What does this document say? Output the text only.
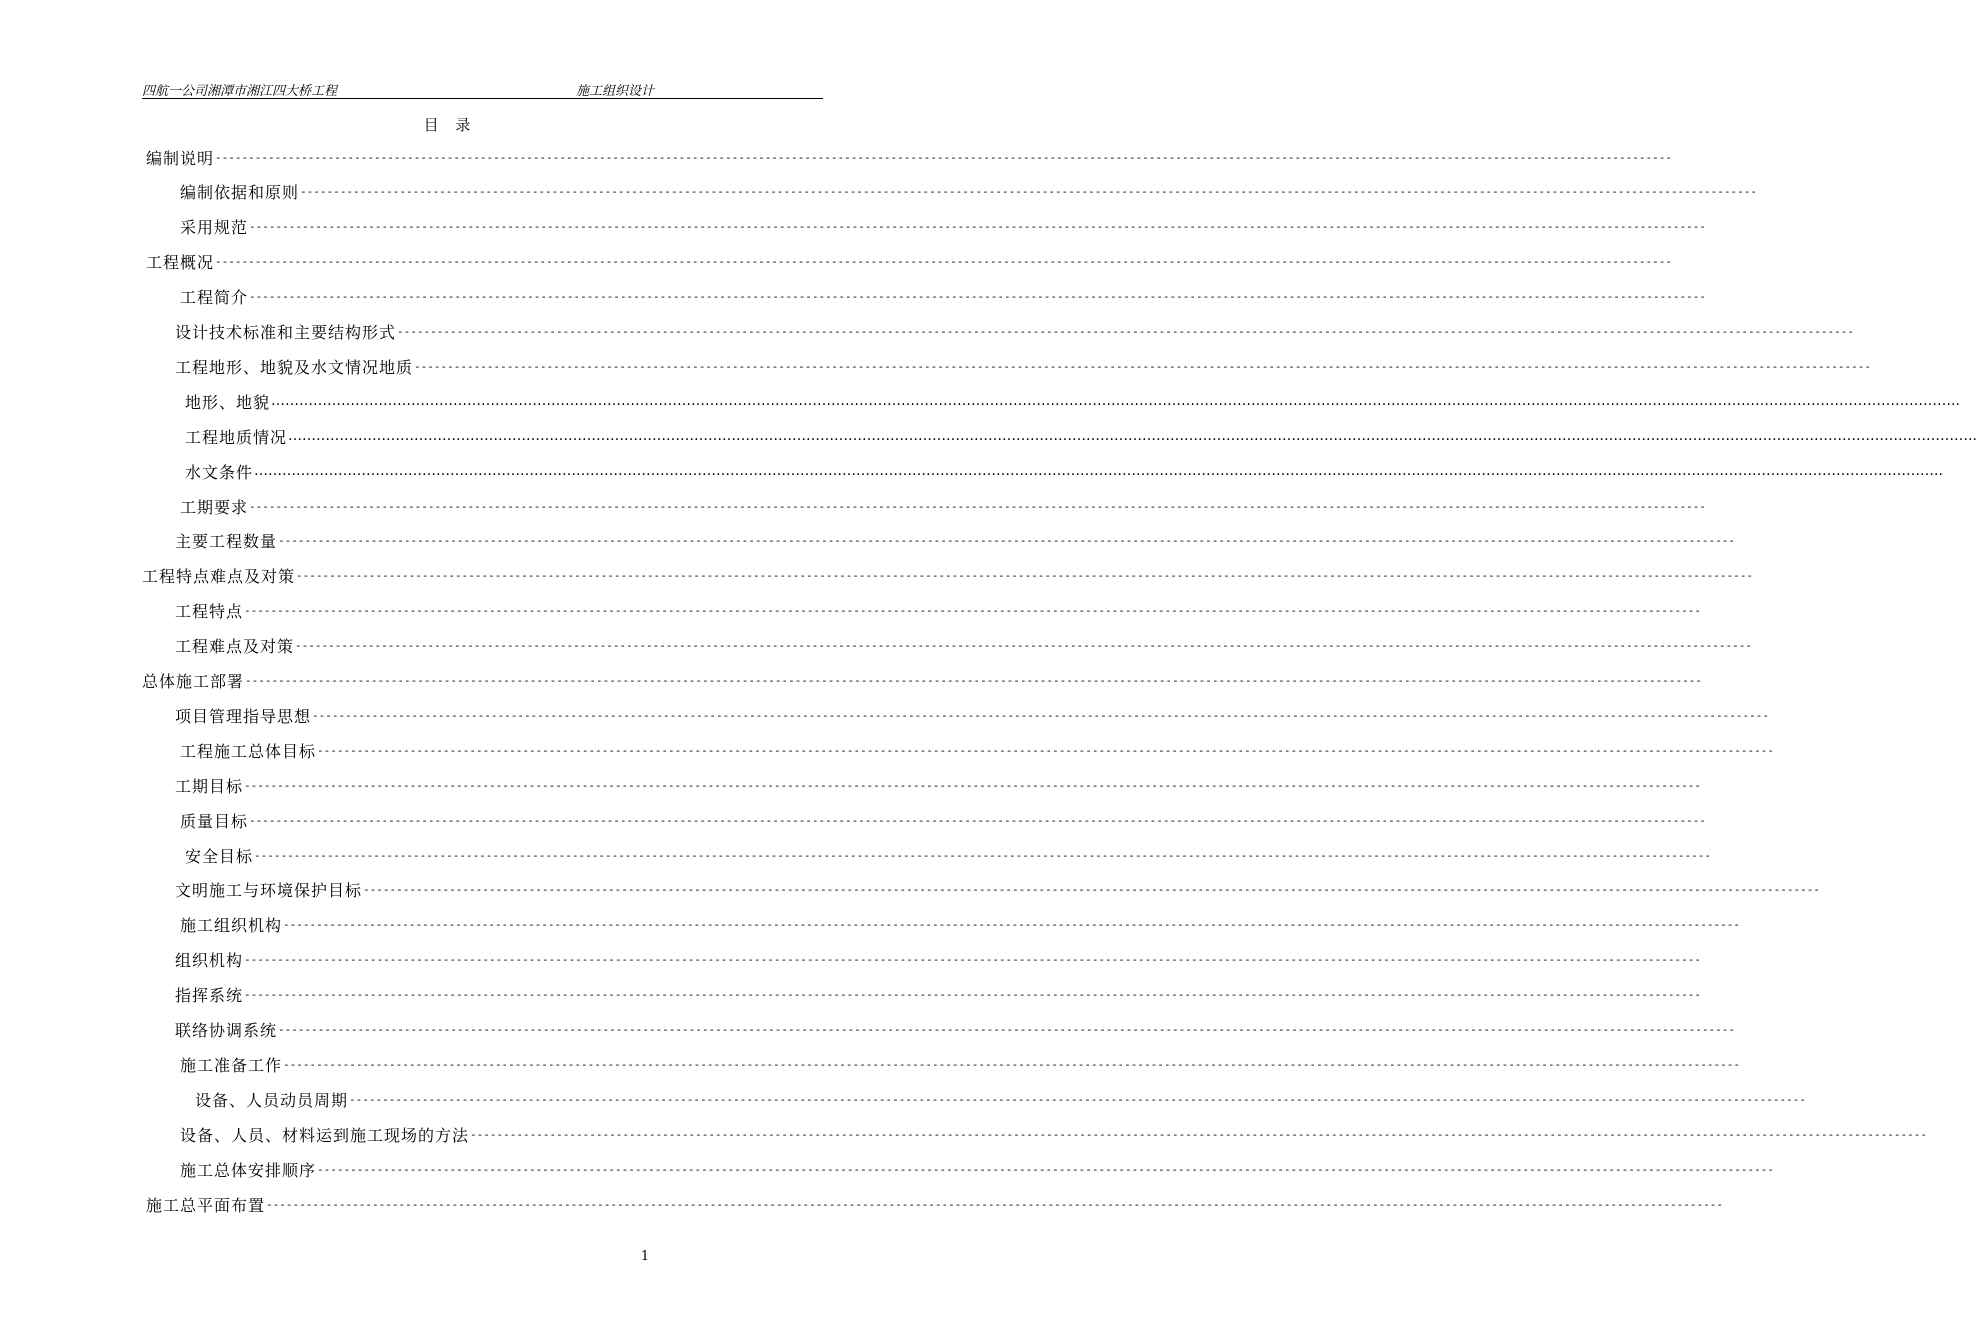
四航一公司湘潭市湘江四大桥工程	施工组织设计
目 录
编制说明 ----------------------------------------------------------------------------------------------------------------------------------------------------------------------------------------------------------------------------
编制依据和原则 ----------------------------------------------------------------------------------------------------------------------------------------------------------------------------------------------------------------------------
采用规范 ----------------------------------------------------------------------------------------------------------------------------------------------------------------------------------------------------------------------------
工程概况 ----------------------------------------------------------------------------------------------------------------------------------------------------------------------------------------------------------------------------
工程简介 ----------------------------------------------------------------------------------------------------------------------------------------------------------------------------------------------------------------------------
设计技术标准和主要结构形式 ----------------------------------------------------------------------------------------------------------------------------------------------------------------------------------------------------------------------------
工程地形、地貌及水文情况地质 ----------------------------------------------------------------------------------------------------------------------------------------------------------------------------------------------------------------------------
地形、地貌 ………………………………………………………………………………………………………………………………………………………………………………………………………………………………………………………………………………………………………………………………..
工程地质情况 ………………………………………………………………………………………………………………………………………………………………………………………………………………………………………………………………………………………………………………………………..
水文条件 ………………………………………………………………………………………………………………………………………………………………………………………………………………………………………………………………………………………………………………………………..
工期要求 ----------------------------------------------------------------------------------------------------------------------------------------------------------------------------------------------------------------------------
主要工程数量 ----------------------------------------------------------------------------------------------------------------------------------------------------------------------------------------------------------------------------
工程特点难点及对策 ----------------------------------------------------------------------------------------------------------------------------------------------------------------------------------------------------------------------------
工程特点 ----------------------------------------------------------------------------------------------------------------------------------------------------------------------------------------------------------------------------
工程难点及对策 ----------------------------------------------------------------------------------------------------------------------------------------------------------------------------------------------------------------------------
总体施工部署 ----------------------------------------------------------------------------------------------------------------------------------------------------------------------------------------------------------------------------
项目管理指导思想 ----------------------------------------------------------------------------------------------------------------------------------------------------------------------------------------------------------------------------
工程施工总体目标 ----------------------------------------------------------------------------------------------------------------------------------------------------------------------------------------------------------------------------
工期目标 ----------------------------------------------------------------------------------------------------------------------------------------------------------------------------------------------------------------------------
质量目标 ----------------------------------------------------------------------------------------------------------------------------------------------------------------------------------------------------------------------------
安全目标 ----------------------------------------------------------------------------------------------------------------------------------------------------------------------------------------------------------------------------
文明施工与环境保护目标 ----------------------------------------------------------------------------------------------------------------------------------------------------------------------------------------------------------------------------
施工组织机构 ----------------------------------------------------------------------------------------------------------------------------------------------------------------------------------------------------------------------------
组织机构 ----------------------------------------------------------------------------------------------------------------------------------------------------------------------------------------------------------------------------
指挥系统 ----------------------------------------------------------------------------------------------------------------------------------------------------------------------------------------------------------------------------
联络协调系统 ----------------------------------------------------------------------------------------------------------------------------------------------------------------------------------------------------------------------------
施工准备工作 ----------------------------------------------------------------------------------------------------------------------------------------------------------------------------------------------------------------------------
设备、人员动员周期 ----------------------------------------------------------------------------------------------------------------------------------------------------------------------------------------------------------------------------
设备、人员、材料运到施工现场的方法 ----------------------------------------------------------------------------------------------------------------------------------------------------------------------------------------------------------------------------
施工总体安排顺序 ----------------------------------------------------------------------------------------------------------------------------------------------------------------------------------------------------------------------------
施工总平面布置 ----------------------------------------------------------------------------------------------------------------------------------------------------------------------------------------------------------------------------
1
